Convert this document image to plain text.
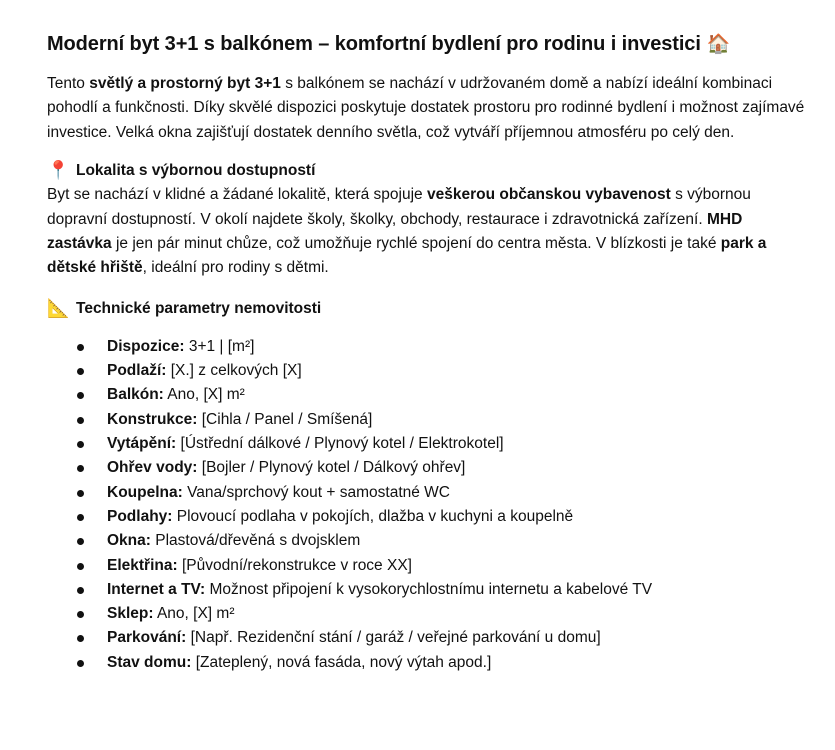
Moderní byt 3+1 s balkónem – komfortní bydlení pro rodinu i investici 🏠

Tento světlý a prostorný byt 3+1 s balkónem se nachází v udržovaném domě a nabízí ideální kombinaci pohodlí a funkčnosti. Díky skvělé dispozici poskytuje dostatek prostoru pro rodinné bydlení i možnost zajímavé investice. Velká okna zajišťují dostatek denního světla, což vytváří příjemnou atmosféru po celý den.

📍 Lokalita s výbornou dostupností

Byt se nachází v klidné a žádané lokalitě, která spojuje veškerou občanskou vybavenost s výbornou dopravní dostupností. V okolí najdete školy, školky, obchody, restaurace i zdravotnická zařízení. MHD zastávka je jen pár minut chůze, což umožňuje rychlé spojení do centra města. V blízkosti je také park a dětské hřiště, ideální pro rodiny s dětmi.

📐 Technické parametry nemovitosti
Dispozice: 3+1 | [m²]
Podlaží: [X.] z celkových [X]
Balkón: Ano, [X] m²
Konstrukce: [Cihla / Panel / Smíšená]
Vytápění: [Ústřední dálkové / Plynový kotel / Elektrokotel]
Ohřev vody: [Bojler / Plynový kotel / Dálkový ohřev]
Koupelna: Vana/sprchový kout + samostatné WC
Podlahy: Plovoucí podlaha v pokojích, dlažba v kuchyni a koupelně
Okna: Plastová/dřevěná s dvojsklem
Elektřina: [Původní/rekonstrukce v roce XX]
Internet a TV: Možnost připojení k vysokorychlostnímu internetu a kabelové TV
Sklep: Ano, [X] m²
Parkování: [Např. Rezidenční stání / garáž / veřejné parkování u domu]
Stav domu: [Zateplený, nová fasáda, nový výtah apod.]
